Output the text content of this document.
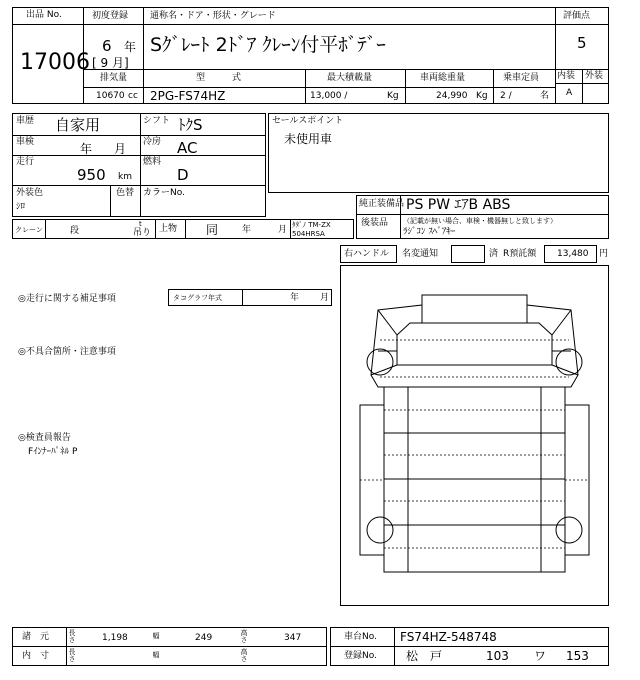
出品 No.
17006
初度登録
6 年
[ 9 月]
通称名・ドア・形状・グレード
Sｸﾞﾚｰﾄ 2ﾄﾞｱ ｸﾚｰﾝ付平ﾎﾞﾃﾞｰ
評価点
5
内装 外装
A
排気量
10670 cc
型　　　式
2PG-FS74HZ
最大積載量
13,000 /	Kg
車両総重量
24,990 Kg
乗車定員
2 /	名
車歴 自家用	シフト ﾄｸS
車検	年 月 冷房 AC
走行
950 km
燃料
D
外装色
ｼﾛ
色替 カラーNo.
セールスポイント
未使用車
純正装備品 PS PW ｴｱB ABS
後装品 （記載が無い場合、車検・機器無しと致します）
ﾗｼﾞｺﾝ ｽﾍﾟｱｷｰ
クレーン	段
t
吊り 上物 同	年	月 ﾀﾀﾞﾉ TM-ZX
504HRSA
右ハンドル 名変通知	済 R預託額 13,480 円
◎走行に関する補足事項	タコグラフ年式	年 月
◎不具合箇所・注意事項
◎検査員報告
Fｲﾝﾅｰﾊﾟﾈﾙ P
諸　元
内　寸
長さ	1,198	幅	249	高さ	347
長さ	幅	高さ
車台No. FS74HZ-548748
登録No. 松　戸	103 ワ 153
